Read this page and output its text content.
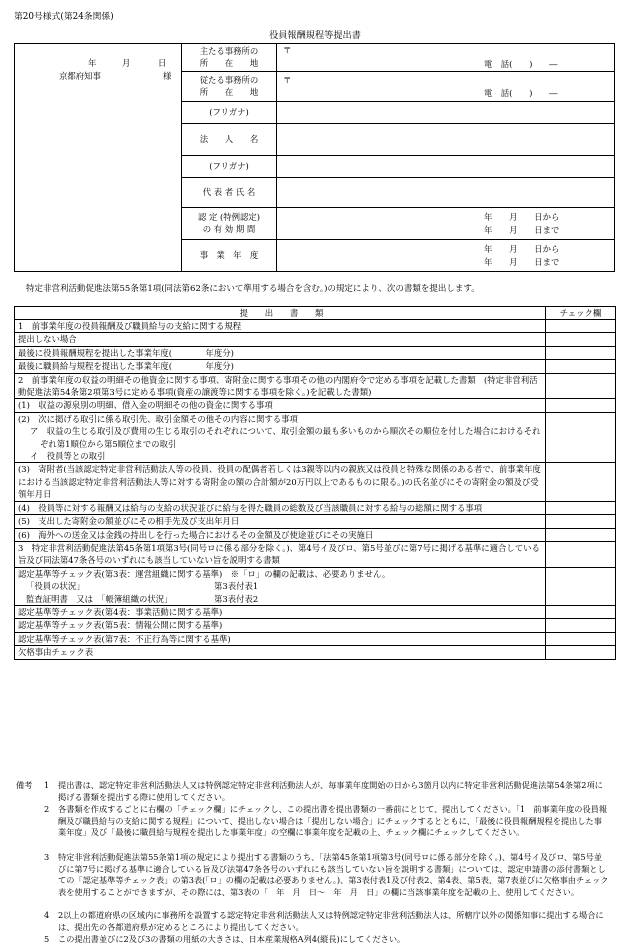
第20号様式(第24条関係)
役員報酬規程等提出書
年	月	日
京都府知事	様
主たる事務所の
所　　在　　地
〒
電　話(　　)　　―
従たる事務所の
所　　在　　地
〒
電　話(　　)　　―
(フリガナ)
法　　人　　名
(フリガナ)
代 表 者 氏 名
認 定 (特例認定)
の 有 効 期 間
年　　月　　日から
年　　月　　日まで
事　業　年　度
年　　月　　日から
年　　月　　日まで
特定非営利活動促進法第55条第1項(同法第62条において準用する場合を含む。)の規定により、次の書類を提出します。
提　　出　　書　　類	チェック欄
1　前事業年度の役員報酬及び職員給与の支給に関する規程	
提出しない場合	
最後に役員報酬規程を提出した事業年度(　　　　年度分)	
最後に職員給与規程を提出した事業年度(　　　　年度分)	
2　前事業年度の収益の明細その他資金に関する事項、寄附金に関する事項その他の内閣府令で定める事項を記載した書類　(特定非営利活動促進法第54条第2項第3号に定める事項(資産の譲渡等に関する事項を除く。)を記載した書類)	
(1)　収益の源泉別の明細、借入金の明細その他の資金に関する事項	

(2)　次に掲げる取引に係る取引先、取引金額その他その内容に関する事項
ア　収益の生じる取引及び費用の生じる取引のそれぞれについて、取引金額の最も多いものから順次その順位を付した場合におけるそれぞれ第1順位から第5順位までの取引
イ　役員等との取引	

(3)　寄附者(当該認定特定非営利活動法人等の役員、役員の配偶者若しくは3親等以内の親族又は役員と特殊な関係のある者で、前事業年度における当該認定特定非営利活動法人等に対する寄附金の額の合計額が20万円以上であるものに限る。)の氏名並びにその寄附金の額及び受領年月日	
(4)　役員等に対する報酬又は給与の支給の状況並びに給与を得た職員の総数及び当該職員に対する給与の総額に関する事項	
(5)　支出した寄附金の額並びにその相手先及び支出年月日	
(6)　海外への送金又は金銭の持出しを行った場合におけるその金額及び使途並びにその実施日	
3　特定非営利活動促進法第45条第1項第3号(同号ロに係る部分を除く。)、第4号イ及びロ、第5号並びに第7号に掲げる基準に適合している旨及び同法第47条各号のいずれにも該当していない旨を説明する書類	

認定基準等チェック表(第3表：運営組織に関する基準)　※「ロ」の欄の記載は、必要ありません。
「役員の状況」 第3表付表1
監査証明書　又は　「帳簿組織の状況」 第3表付表2	

認定基準等チェック表(第4表：事業活動に関する基準)	
認定基準等チェック表(第5表：情報公開に関する基準)	
認定基準等チェック表(第7表：不正行為等に関する基準)	
欠格事由チェック表	
備考 1	提出書は、認定特定非営利活動法人又は特例認定特定非営利活動法人が、毎事業年度開始の日から3箇月以内に特定非営利活動促進法第54条第2項に掲げる書類を提出する際に使用してください。
2	各書類を作成するごとに右欄の「チェック欄」にチェックし、この提出書を提出書類の一番前にとじて、提出してください。「1　前事業年度の役員報酬及び職員給与の支給に関する規程」について、提出しない場合は「提出しない場合」にチェックするとともに、「最後に役員報酬規程を提出した事業年度」及び「最後に職員給与規程を提出した事業年度」の空欄に事業年度を記載の上、チェック欄にチェックしてください。
3	特定非営利活動促進法第55条第1項の規定により提出する書類のうち、「法第45条第1項第3号(同号ロに係る部分を除く。)、第4号イ及びロ、第5号並びに第7号に掲げる基準に適合している旨及び法第47条各号のいずれにも該当していない旨を説明する書類」については、認定申請書の添付書類としての「認定基準等チェック表」の第3表(「ロ」の欄の記載は必要ありません。)、第3表付表1及び付表2、第4表、第5表、第7表並びに欠格事由チェック表を使用することができますが、その際には、第3表の「　年　月　日～　年　月　日」の欄に当該事業年度を記載の上、使用してください。
4	2以上の都道府県の区域内に事務所を設置する認定特定非営利活動法人又は特例認定特定非営利活動法人は、所轄庁以外の関係知事に提出する場合には、提出先の各都道府県が定めるところにより提出してください。
5	この提出書並びに2及び3の書類の用紙の大きさは、日本産業規格A列4(縦長)にしてください。
